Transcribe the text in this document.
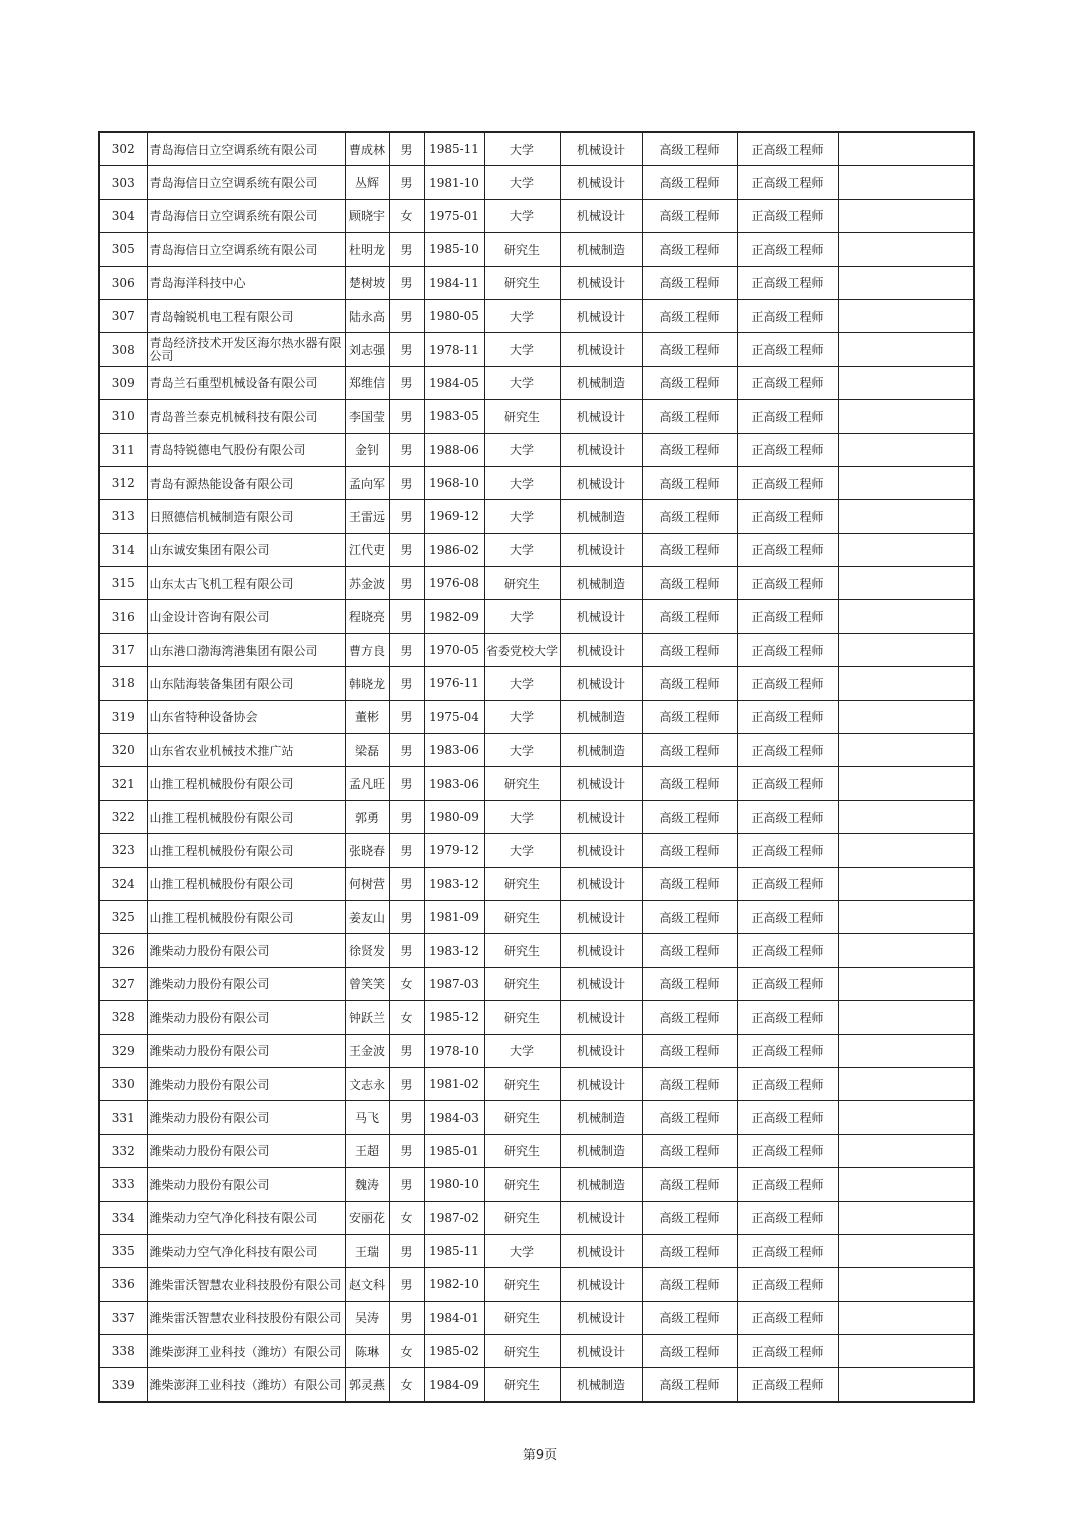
302	青岛海信日立空调系统有限公司	曹成林	男	1985-11	大学	机械设计	高级工程师	正高级工程师	
303	青岛海信日立空调系统有限公司	丛辉	男	1981-10	大学	机械设计	高级工程师	正高级工程师	
304	青岛海信日立空调系统有限公司	顾晓宇	女	1975-01	大学	机械设计	高级工程师	正高级工程师	
305	青岛海信日立空调系统有限公司	杜明龙	男	1985-10	研究生	机械制造	高级工程师	正高级工程师	
306	青岛海洋科技中心	楚树坡	男	1984-11	研究生	机械设计	高级工程师	正高级工程师	
307	青岛翰锐机电工程有限公司	陆永高	男	1980-05	大学	机械设计	高级工程师	正高级工程师	
308	青岛经济技术开发区海尔热水器有限公司	刘志强	男	1978-11	大学	机械设计	高级工程师	正高级工程师	
309	青岛兰石重型机械设备有限公司	郑维信	男	1984-05	大学	机械制造	高级工程师	正高级工程师	
310	青岛普兰泰克机械科技有限公司	李国莹	男	1983-05	研究生	机械设计	高级工程师	正高级工程师	
311	青岛特锐德电气股份有限公司	金钊	男	1988-06	大学	机械设计	高级工程师	正高级工程师	
312	青岛有源热能设备有限公司	孟向军	男	1968-10	大学	机械设计	高级工程师	正高级工程师	
313	日照德信机械制造有限公司	王雷远	男	1969-12	大学	机械制造	高级工程师	正高级工程师	
314	山东诚安集团有限公司	江代吏	男	1986-02	大学	机械设计	高级工程师	正高级工程师	
315	山东太古飞机工程有限公司	苏金波	男	1976-08	研究生	机械制造	高级工程师	正高级工程师	
316	山金设计咨询有限公司	程晓亮	男	1982-09	大学	机械设计	高级工程师	正高级工程师	
317	山东港口渤海湾港集团有限公司	曹方良	男	1970-05	省委党校大学	机械设计	高级工程师	正高级工程师	
318	山东陆海装备集团有限公司	韩晓龙	男	1976-11	大学	机械设计	高级工程师	正高级工程师	
319	山东省特种设备协会	董彬	男	1975-04	大学	机械制造	高级工程师	正高级工程师	
320	山东省农业机械技术推广站	梁磊	男	1983-06	大学	机械制造	高级工程师	正高级工程师	
321	山推工程机械股份有限公司	孟凡旺	男	1983-06	研究生	机械设计	高级工程师	正高级工程师	
322	山推工程机械股份有限公司	郭勇	男	1980-09	大学	机械设计	高级工程师	正高级工程师	
323	山推工程机械股份有限公司	张晓春	男	1979-12	大学	机械设计	高级工程师	正高级工程师	
324	山推工程机械股份有限公司	何树营	男	1983-12	研究生	机械设计	高级工程师	正高级工程师	
325	山推工程机械股份有限公司	姜友山	男	1981-09	研究生	机械设计	高级工程师	正高级工程师	
326	潍柴动力股份有限公司	徐贤发	男	1983-12	研究生	机械设计	高级工程师	正高级工程师	
327	潍柴动力股份有限公司	曾笑笑	女	1987-03	研究生	机械设计	高级工程师	正高级工程师	
328	潍柴动力股份有限公司	钟跃兰	女	1985-12	研究生	机械设计	高级工程师	正高级工程师	
329	潍柴动力股份有限公司	王金波	男	1978-10	大学	机械设计	高级工程师	正高级工程师	
330	潍柴动力股份有限公司	文志永	男	1981-02	研究生	机械设计	高级工程师	正高级工程师	
331	潍柴动力股份有限公司	马飞	男	1984-03	研究生	机械制造	高级工程师	正高级工程师	
332	潍柴动力股份有限公司	王超	男	1985-01	研究生	机械制造	高级工程师	正高级工程师	
333	潍柴动力股份有限公司	魏涛	男	1980-10	研究生	机械制造	高级工程师	正高级工程师	
334	潍柴动力空气净化科技有限公司	安丽花	女	1987-02	研究生	机械设计	高级工程师	正高级工程师	
335	潍柴动力空气净化科技有限公司	王瑞	男	1985-11	大学	机械设计	高级工程师	正高级工程师	
336	潍柴雷沃智慧农业科技股份有限公司	赵文科	男	1982-10	研究生	机械设计	高级工程师	正高级工程师	
337	潍柴雷沃智慧农业科技股份有限公司	吴涛	男	1984-01	研究生	机械设计	高级工程师	正高级工程师	
338	潍柴澎湃工业科技（潍坊）有限公司	陈琳	女	1985-02	研究生	机械设计	高级工程师	正高级工程师	
339	潍柴澎湃工业科技（潍坊）有限公司	郭灵燕	女	1984-09	研究生	机械制造	高级工程师	正高级工程师	
第9页
